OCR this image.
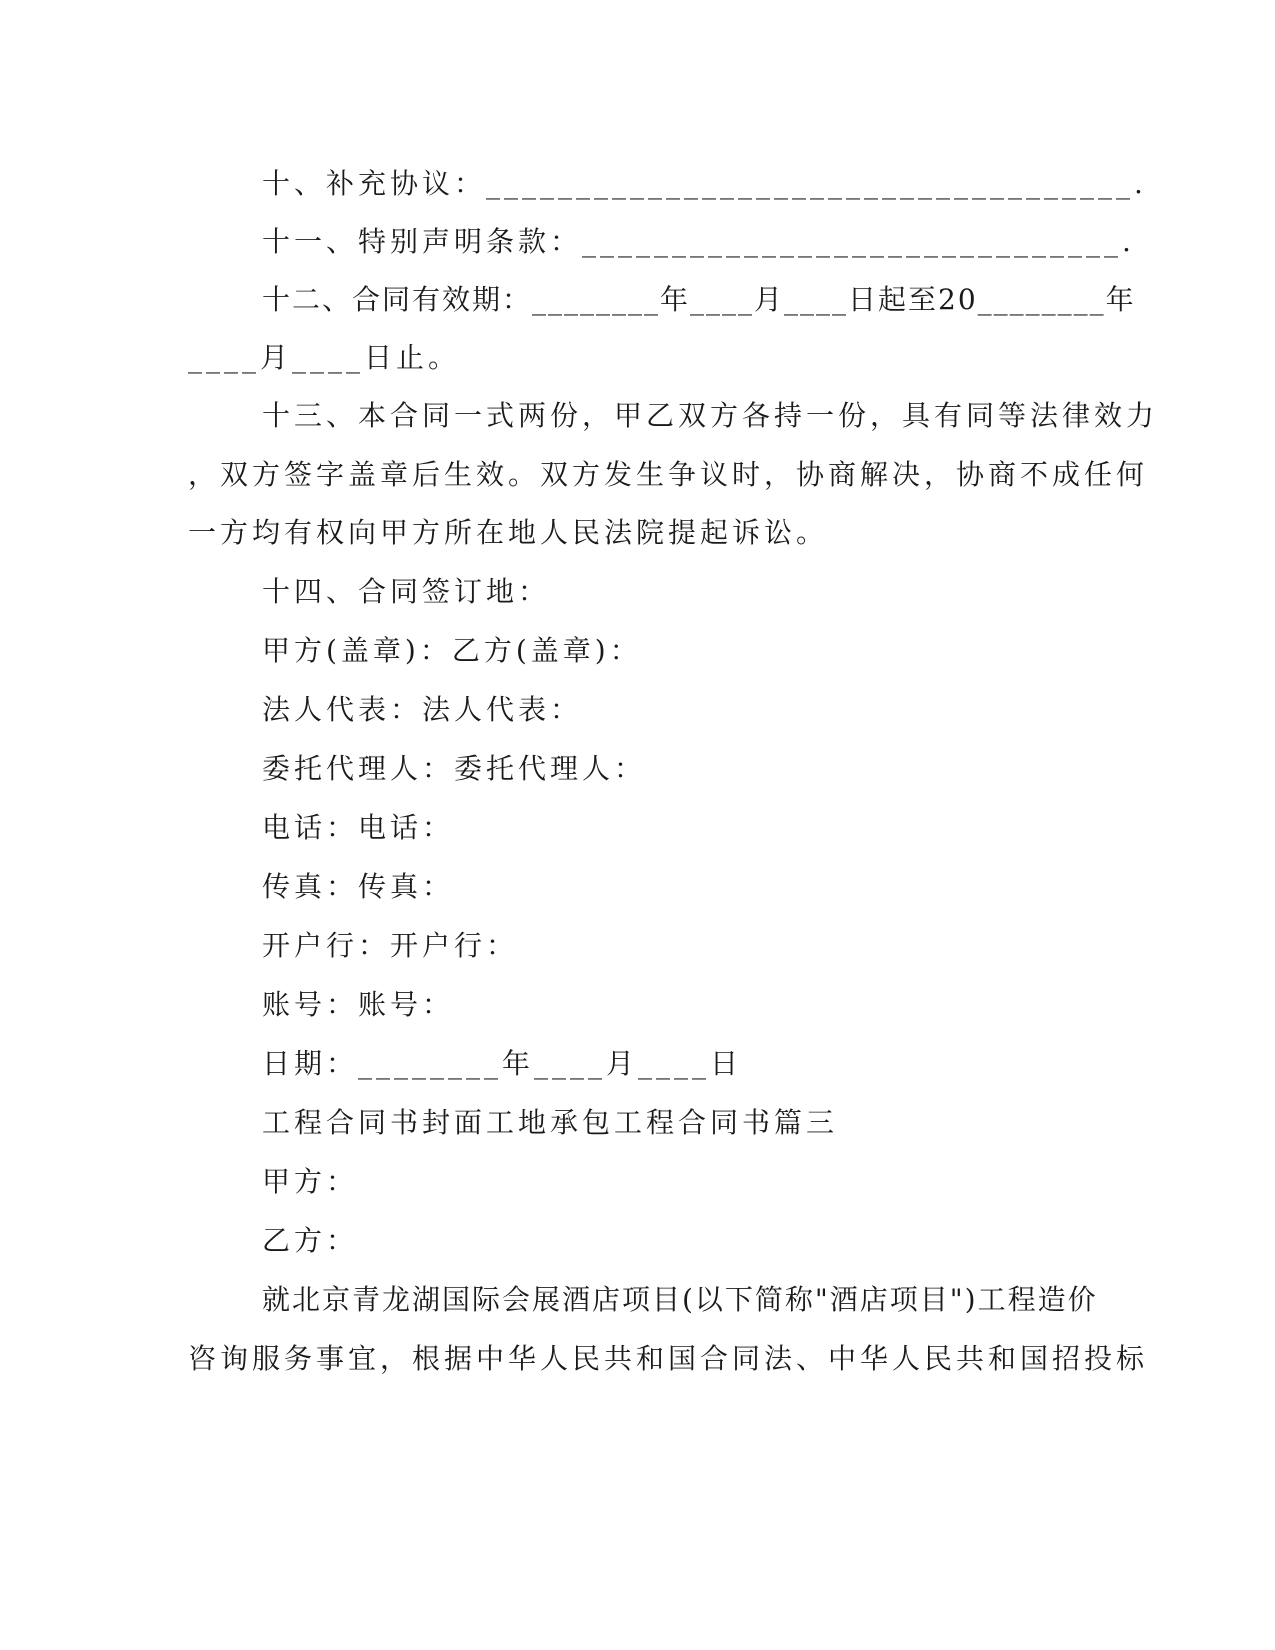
十、补充协议：____________________________________.
十一、特别声明条款：______________________________.
十二、合同有效期：________年____月____日起至20________年
____月____日止。
十三、本合同一式两份，甲乙双方各持一份，具有同等法律效力
，双方签字盖章后生效。双方发生争议时，协商解决，协商不成任何
一方均有权向甲方所在地人民法院提起诉讼。
十四、合同签订地：
甲方(盖章)：乙方(盖章)：
法人代表：法人代表：
委托代理人：委托代理人：
电话：电话：
传真：传真：
开户行：开户行：
账号：账号：
日期：________年____月____日
工程合同书封面工地承包工程合同书篇三
甲方：
乙方：
就北京青龙湖国际会展酒店项目(以下简称"酒店项目")工程造价
咨询服务事宜，根据中华人民共和国合同法、中华人民共和国招投标
